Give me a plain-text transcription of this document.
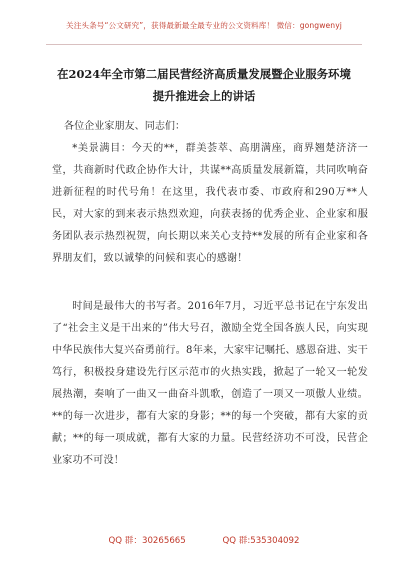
关注头条号“公文研究”，获得最新最全最专业的公文资料库！ 微信：gongwenyj
在2024年全市第二届民营经济高质量发展暨企业服务环境
提升推进会上的讲话
各位企业家朋友、同志们：

*美景满目：今天的**，群美荟萃、高朋满座，商界翘楚济济一堂，共商新时代政企协作大计，共谋**高质量发展新篇，共同吹响奋进新征程的时代号角！在这里，我代表市委、市政府和290万**人民，对大家的到来表示热烈欢迎，向获表扬的优秀企业、企业家和服务团队表示热烈祝贺，向长期以来关心支持**发展的所有企业家和各界朋友们，致以诚挚的问候和衷心的感谢！

时间是最伟大的书写者。2016年7月，习近平总书记在宁东发出了“社会主义是干出来的”伟大号召，激励全党全国各族人民，向实现中华民族伟大复兴奋勇前行。8年来，大家牢记嘱托、感恩奋进、实干笃行，积极投身建设先行区示范市的火热实践，掀起了一轮又一轮发展热潮，奏响了一曲又一曲奋斗凯歌，创造了一项又一项傲人业绩。**的每一次进步，都有大家的身影；**的每一个突破，都有大家的贡献；**的每一项成就，都有大家的力量。民营经济功不可没，民营企业家功不可没！

QQ 群：30265665	QQ 群:535304092
